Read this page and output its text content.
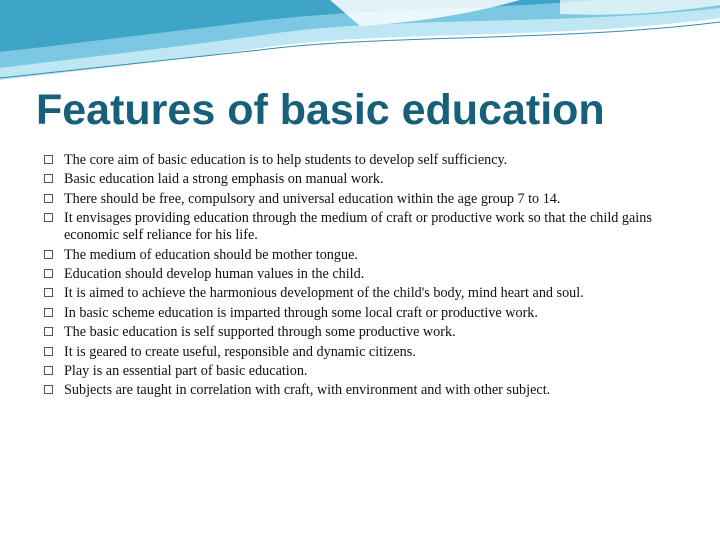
Features of basic education
The core aim of basic education is to help students to develop self sufficiency.
Basic education laid a strong emphasis on manual work.
There should be free, compulsory and universal education within the age group 7 to 14.
It envisages providing education through the medium of craft or productive work so that the child gains economic self reliance for his life.
The medium of education should be mother tongue.
Education should develop human values in the child.
It is aimed to achieve the harmonious development of the child's body, mind heart and soul.
In basic scheme education is imparted through some local craft or productive work.
The basic education is self supported through some productive work.
It is geared to create useful, responsible and dynamic citizens.
Play is an essential part of basic education.
Subjects are taught in correlation with craft, with environment and with other subject.
